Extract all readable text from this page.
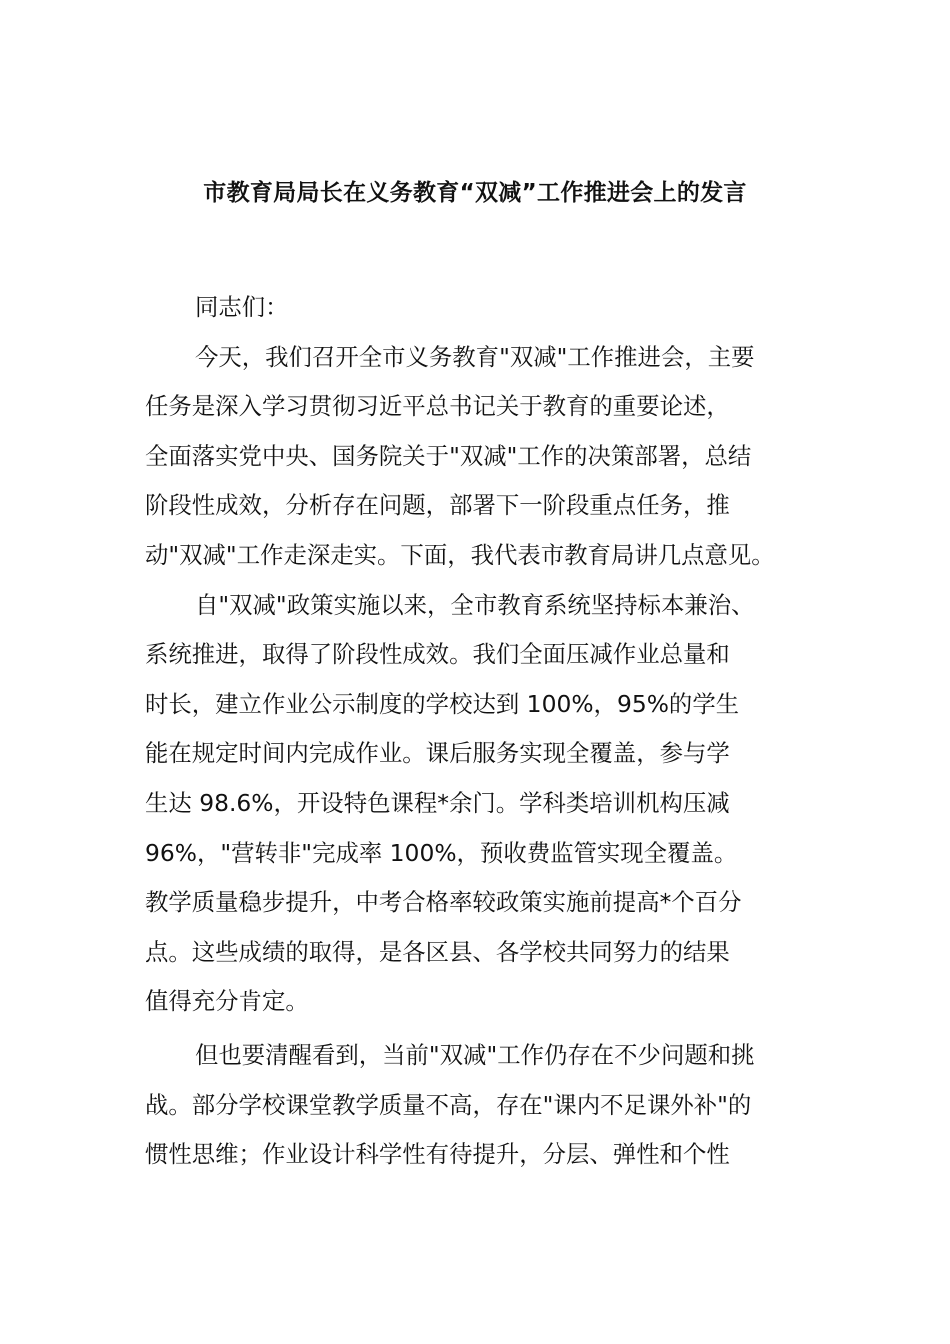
市教育局局长在义务教育“双减”工作推进会上的发言

同志们：

今天，我们召开全市义务教育"双减"工作推进会，主要
任务是深入学习贯彻习近平总书记关于教育的重要论述，
全面落实党中央、国务院关于"双减"工作的决策部署，总结
阶段性成效，分析存在问题，部署下一阶段重点任务，推
动"双减"工作走深走实。下面，我代表市教育局讲几点意见。

自"双减"政策实施以来，全市教育系统坚持标本兼治、
系统推进，取得了阶段性成效。我们全面压减作业总量和
时长，建立作业公示制度的学校达到 100%，95%的学生
能在规定时间内完成作业。课后服务实现全覆盖，参与学
生达 98.6%，开设特色课程*余门。学科类培训机构压减
96%，"营转非"完成率 100%，预收费监管实现全覆盖。
教学质量稳步提升，中考合格率较政策实施前提高*个百分
点。这些成绩的取得，是各区县、各学校共同努力的结果
值得充分肯定。

但也要清醒看到，当前"双减"工作仍存在不少问题和挑
战。部分学校课堂教学质量不高，存在"课内不足课外补"的
惯性思维；作业设计科学性有待提升，分层、弹性和个性
